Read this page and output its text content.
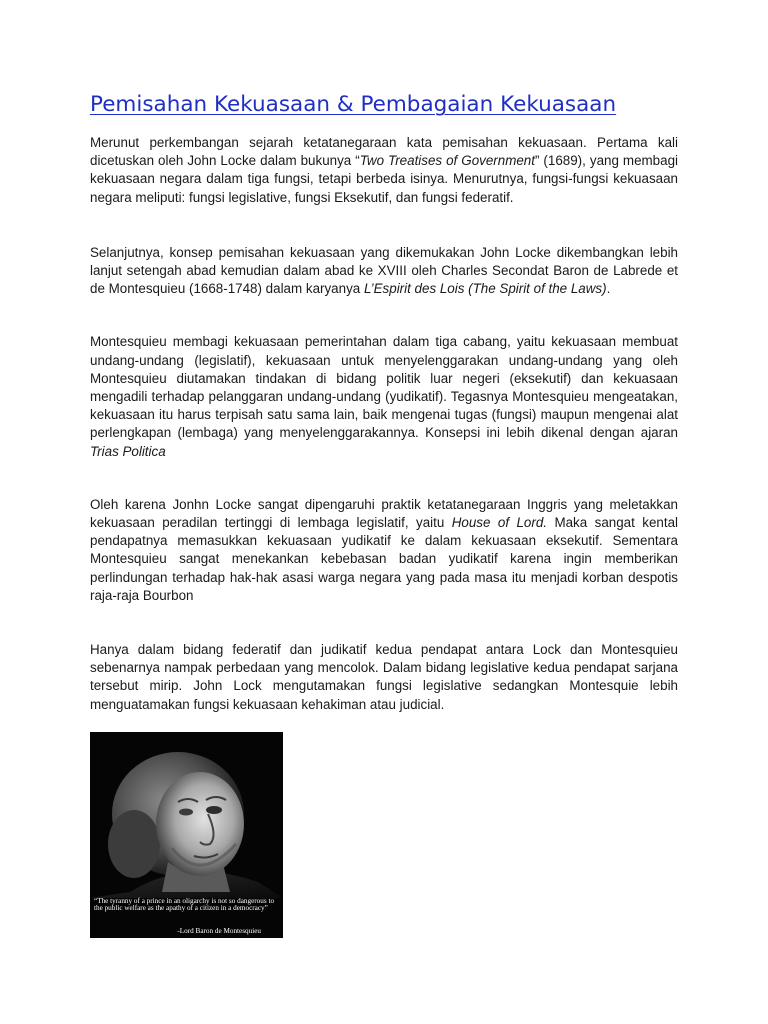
Pemisahan Kekuasaan & Pembagaian Kekuasaan

Merunut perkembangan sejarah ketatanegaraan kata pemisahan kekuasaan. Pertama kali dicetuskan oleh John Locke dalam bukunya “Two Treatises of Government” (1689), yang membagi kekuasaan negara dalam tiga fungsi, tetapi berbeda isinya. Menurutnya, fungsi-fungsi kekuasaan negara meliputi: fungsi legislative, fungsi Eksekutif, dan fungsi federatif.

Selanjutnya, konsep pemisahan kekuasaan yang dikemukakan John Locke dikembangkan lebih lanjut setengah abad kemudian dalam abad ke XVIII oleh Charles Secondat Baron de Labrede et de Montesquieu (1668-1748) dalam karyanya L’Espirit des Lois (The Spirit of the Laws).

Montesquieu membagi kekuasaan pemerintahan dalam tiga cabang, yaitu kekuasaan membuat undang-undang (legislatif), kekuasaan untuk menyelenggarakan undang-undang yang oleh Montesquieu diutamakan tindakan di bidang politik luar negeri (eksekutif) dan kekuasaan mengadili terhadap pelanggaran undang-undang (yudikatif). Tegasnya Montesquieu mengeatakan, kekuasaan itu harus terpisah satu sama lain, baik mengenai tugas (fungsi) maupun mengenai alat perlengkapan (lembaga) yang menyelenggarakannya. Konsepsi ini lebih dikenal dengan ajaran Trias Politica

Oleh karena Jonhn Locke sangat dipengaruhi praktik ketatanegaraan Inggris yang meletakkan kekuasaan peradilan tertinggi di lembaga legislatif, yaitu House of Lord. Maka sangat kental pendapatnya memasukkan kekuasaan yudikatif ke dalam kekuasaan eksekutif. Sementara Montesquieu sangat menekankan kebebasan badan yudikatif karena ingin memberikan perlindungan terhadap hak-hak asasi warga negara yang pada masa itu menjadi korban despotis raja-raja Bourbon

Hanya dalam bidang federatif dan judikatif kedua pendapat antara Lock dan Montesquieu sebenarnya nampak perbedaan yang mencolok. Dalam bidang legislative kedua pendapat sarjana tersebut mirip. John Lock mengutamakan fungsi legislative sedangkan Montesquie lebih menguatamakan fungsi kekuasaan kehakiman atau judicial.

“The tyranny of a prince in an oligarchy is not so dangerous to the public welfare as the apathy of a citizen in a democracy”
-Lord Baron de Montesquieu
